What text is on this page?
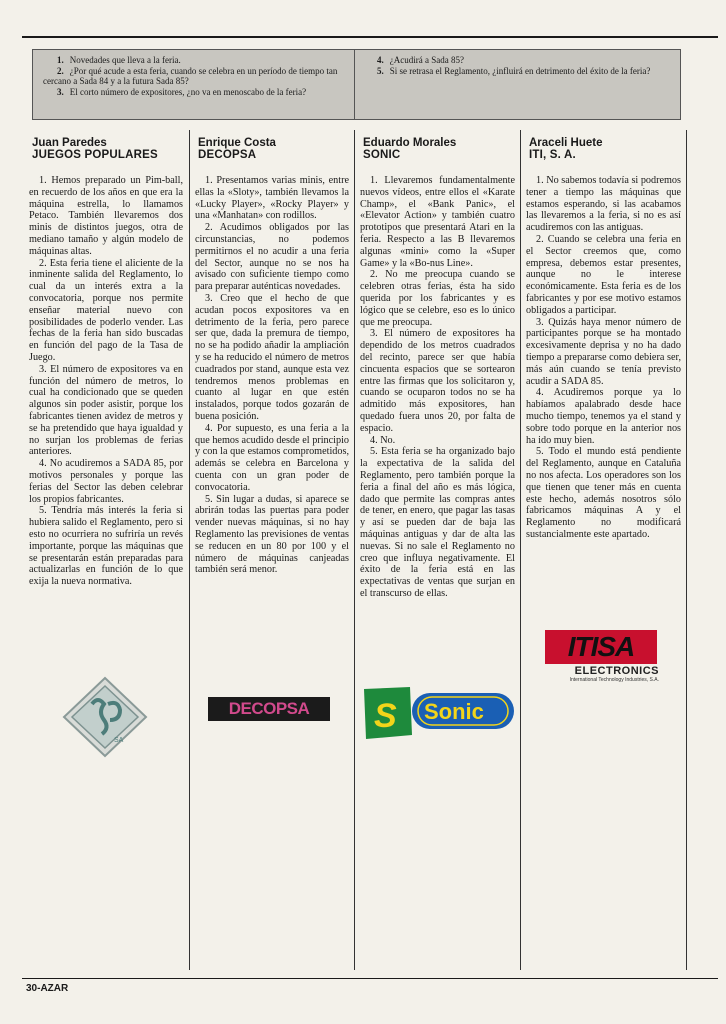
1. Novedades que lleva a la feria.

2. ¿Por qué acude a esta feria, cuando se celebra en un período de tiempo tan cercano a Sada 84 y a la futura Sada 85?

3. El corto número de expositores, ¿no va en menoscabo de la feria?

4. ¿Acudirá a Sada 85?

5. Si se retrasa el Reglamento, ¿influirá en detrimento del éxito de la feria?

Juan Paredes
JUEGOS POPULARES

1. Hemos preparado un Pim-ball, en recuerdo de los años en que era la máquina estrella, lo llamamos Petaco. También llevaremos dos minis de distintos juegos, otra de mediano tamaño y algún modelo de máquinas altas.

2. Esta feria tiene el aliciente de la inminente salida del Reglamento, lo cual da un interés extra a la convocatoria, porque nos permite enseñar material nuevo con posibilidades de poderlo vender. Las fechas de la feria han sido buscadas en función del pago de la Tasa de Juego.

3. El número de expositores va en función del número de metros, lo cual ha condicionado que se queden algunos sin poder asistir, porque los fabricantes tienen avidez de metros y se ha pretendido que haya igualdad y no surjan los problemas de ferias anteriores.

4. No acudiremos a SADA 85, por motivos personales y porque las ferias del Sector las deben celebrar los propios fabricantes.

5. Tendría más interés la feria si hubiera salido el Reglamento, pero si esto no ocurriera no sufriría un revés importante, porque las máquinas que se presentarán están preparadas para actualizarlas en función de lo que exija la nueva normativa.

Enrique Costa
DECOPSA

1. Presentamos varias minis, entre ellas la «Sloty», también llevamos la «Lucky Player», «Rocky Player» y una «Manhatan» con rodillos.

2. Acudimos obligados por las circunstancias, no podemos permitirnos el no acudir a una feria del Sector, aunque no se nos ha avisado con suficiente tiempo como para preparar auténticas novedades.

3. Creo que el hecho de que acudan pocos expositores va en detrimento de la feria, pero parece ser que, dada la premura de tiempo, no se ha podido añadir la ampliación y se ha reducido el número de metros cuadrados por stand, aunque esta vez tendremos menos problemas en cuanto al lugar en que estén instalados, porque todos gozarán de buena posición.

4. Por supuesto, es una feria a la que hemos acudido desde el principio y con la que estamos comprometidos, además se celebra en Barcelona y cuenta con un gran poder de convocatoria.

5. Sin lugar a dudas, si aparece se abrirán todas las puertas para poder vender nuevas máquinas, si no hay Reglamento las previsiones de ventas se reducen en un 80 por 100 y el número de máquinas canjeadas también será menor.

Eduardo Morales
SONIC

1. Llevaremos fundamentalmente nuevos vídeos, entre ellos el «Karate Champ», el «Bank Panic», el «Elevator Action» y también cuatro prototipos que presentará Atari en la feria. Respecto a las B llevaremos algunas «mini» como la «Super Game» y la «Bo-nus Line».

2. No me preocupa cuando se celebren otras ferias, ésta ha sido querida por los fabricantes y es lógico que se celebre, eso es lo único que me preocupa.

3. El número de expositores ha dependido de los metros cuadrados del recinto, parece ser que había cincuenta espacios que se sortearon entre las firmas que los solicitaron y, cuando se ocuparon todos no se ha admitido más expositores, han quedado fuera unos 20, por falta de espacio.

4. No.

5. Esta feria se ha organizado bajo la expectativa de la salida del Reglamento, pero también porque la feria a final del año es más lógica, dado que permite las compras antes de tener, en enero, que pagar las tasas y así se pueden dar de baja las máquinas antiguas y dar de alta las nuevas. Si no sale el Reglamento no creo que influya negativamente. El éxito de la feria está en las expectativas de ventas que surjan en el transcurso de ellas.

Araceli Huete
ITI, S. A.

1. No sabemos todavía si podremos tener a tiempo las máquinas que estamos esperando, si las acabamos las llevaremos a la feria, si no es así acudiremos con las antiguas.

2. Cuando se celebra una feria en el Sector creemos que, como empresa, debemos estar presentes, aunque no le interese económicamente. Esta feria es de los fabricantes y por ese motivo estamos obligados a participar.

3. Quizás haya menor número de participantes porque se ha montado excesivamente deprisa y no ha dado tiempo a prepararse como debiera ser, más aún cuando se tenía previsto acudir a SADA 85.

4. Acudiremos porque ya lo habíamos apalabrado desde hace mucho tiempo, tenemos ya el stand y sobre todo porque en la anterior nos ha ido muy bien.

5. Todo el mundo está pendiente del Reglamento, aunque en Cataluña no nos afecta. Los operadores son los que tienen que tener más en cuenta este hecho, además nosotros sólo fabricamos máquinas A y el Reglamento no modificará sustancialmente este apartado.

SA
DECOPSA S Sonic
ITISA
ELECTRONICS
International Technology Industries, S.A.
30-AZAR
